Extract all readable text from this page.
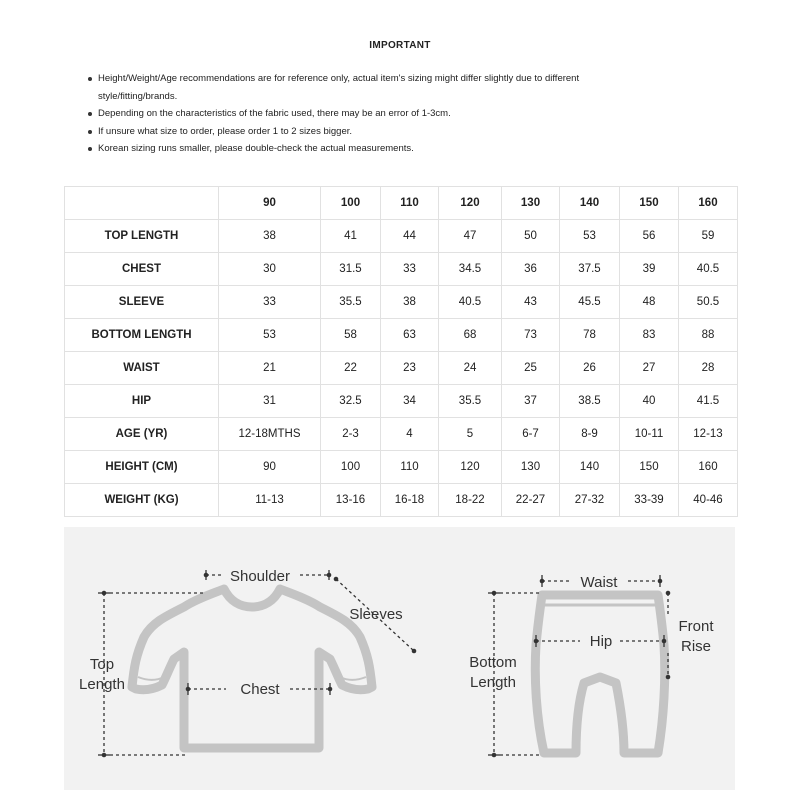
IMPORTANT
Height/Weight/Age recommendations are for reference only, actual item's sizing might differ slightly due to different
style/fitting/brands.
Depending on the characteristics of the fabric used, there may be an error of 1-3cm.
If unsure what size to order, please order 1 to 2 sizes bigger.
Korean sizing runs smaller, please double-check the actual measurements.
	90	100	110	120	130	140	150	160
TOP LENGTH	38	41	44	47	50	53	56	59
CHEST	30	31.5	33	34.5	36	37.5	39	40.5
SLEEVE	33	35.5	38	40.5	43	45.5	48	50.5
BOTTOM LENGTH	53	58	63	68	73	78	83	88
WAIST	21	22	23	24	25	26	27	28
HIP	31	32.5	34	35.5	37	38.5	40	41.5
AGE (YR)	12-18MTHS	2-3	4	5	6-7	8-9	10-11	12-13
HEIGHT (CM)	90	100	110	120	130	140	150	160
WEIGHT (KG)	11-13	13-16	16-18	18-22	22-27	27-32	33-39	40-46
Shoulder
Sleeves
Top
Length	Chest
Waist
Hip
Front
Rise
Bottom
Length
